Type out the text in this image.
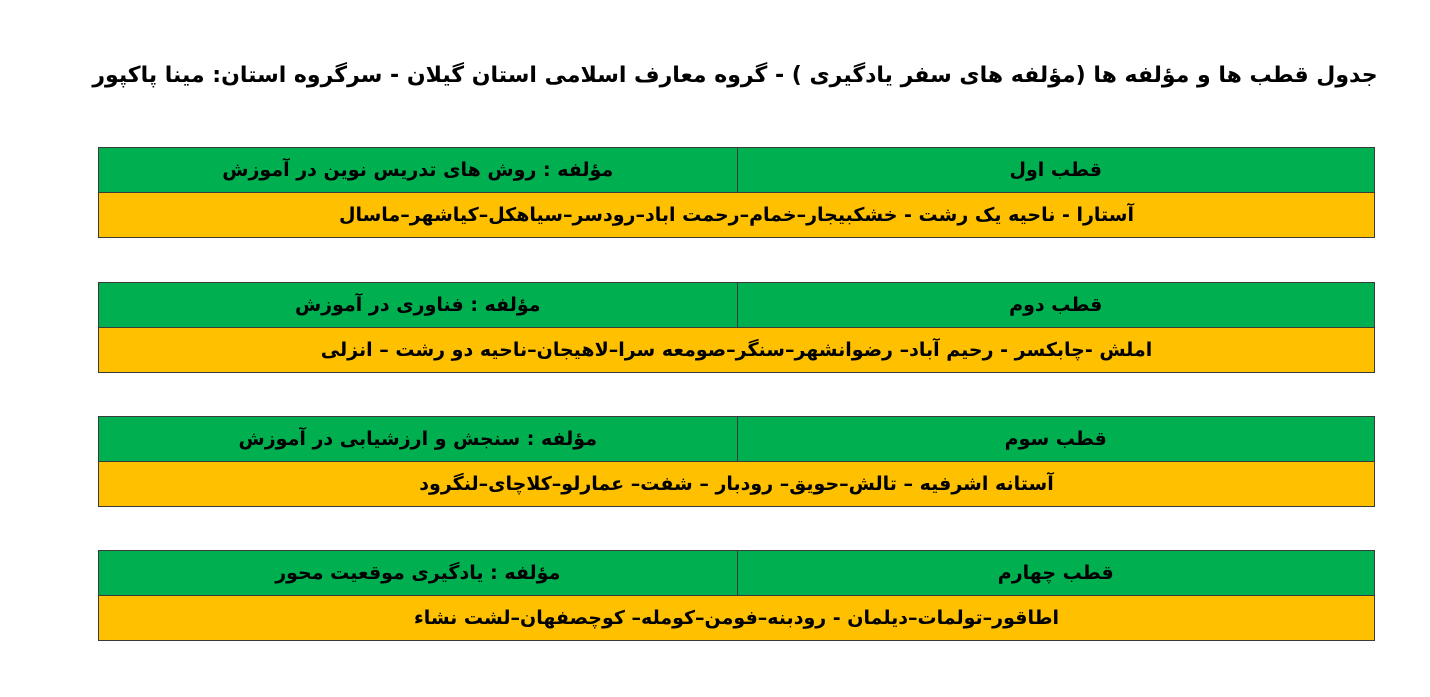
جدول قطب ها و مؤلفه ها (مؤلفه های سفر یادگیری ) - گروه معارف اسلامی استان گیلان - سرگروه استان: مینا پاکپور
قطب اول
مؤلفه : روش های تدریس نوین در آموزش
آستارا - ناحیه یک رشت - خشکبیجار–خمام–رحمت اباد–رودسر–سیاهکل–کیاشهر–ماسال
قطب دوم
مؤلفه : فناوری در آموزش
املش -چابکسر - رحیم آباد– رضوانشهر–سنگر–صومعه سرا–لاهیجان–ناحیه دو رشت – انزلی
قطب سوم
مؤلفه : سنجش و ارزشیابی در آموزش
آستانه اشرفیه – تالش–حویق– رودبار – شفت– عمارلو–کلاچای–لنگرود
قطب چهارم
مؤلفه : یادگیری موقعیت محور
اطاقور–تولمات–دیلمان - رودبنه–فومن–کومله– کوچصفهان–لشت نشاء
